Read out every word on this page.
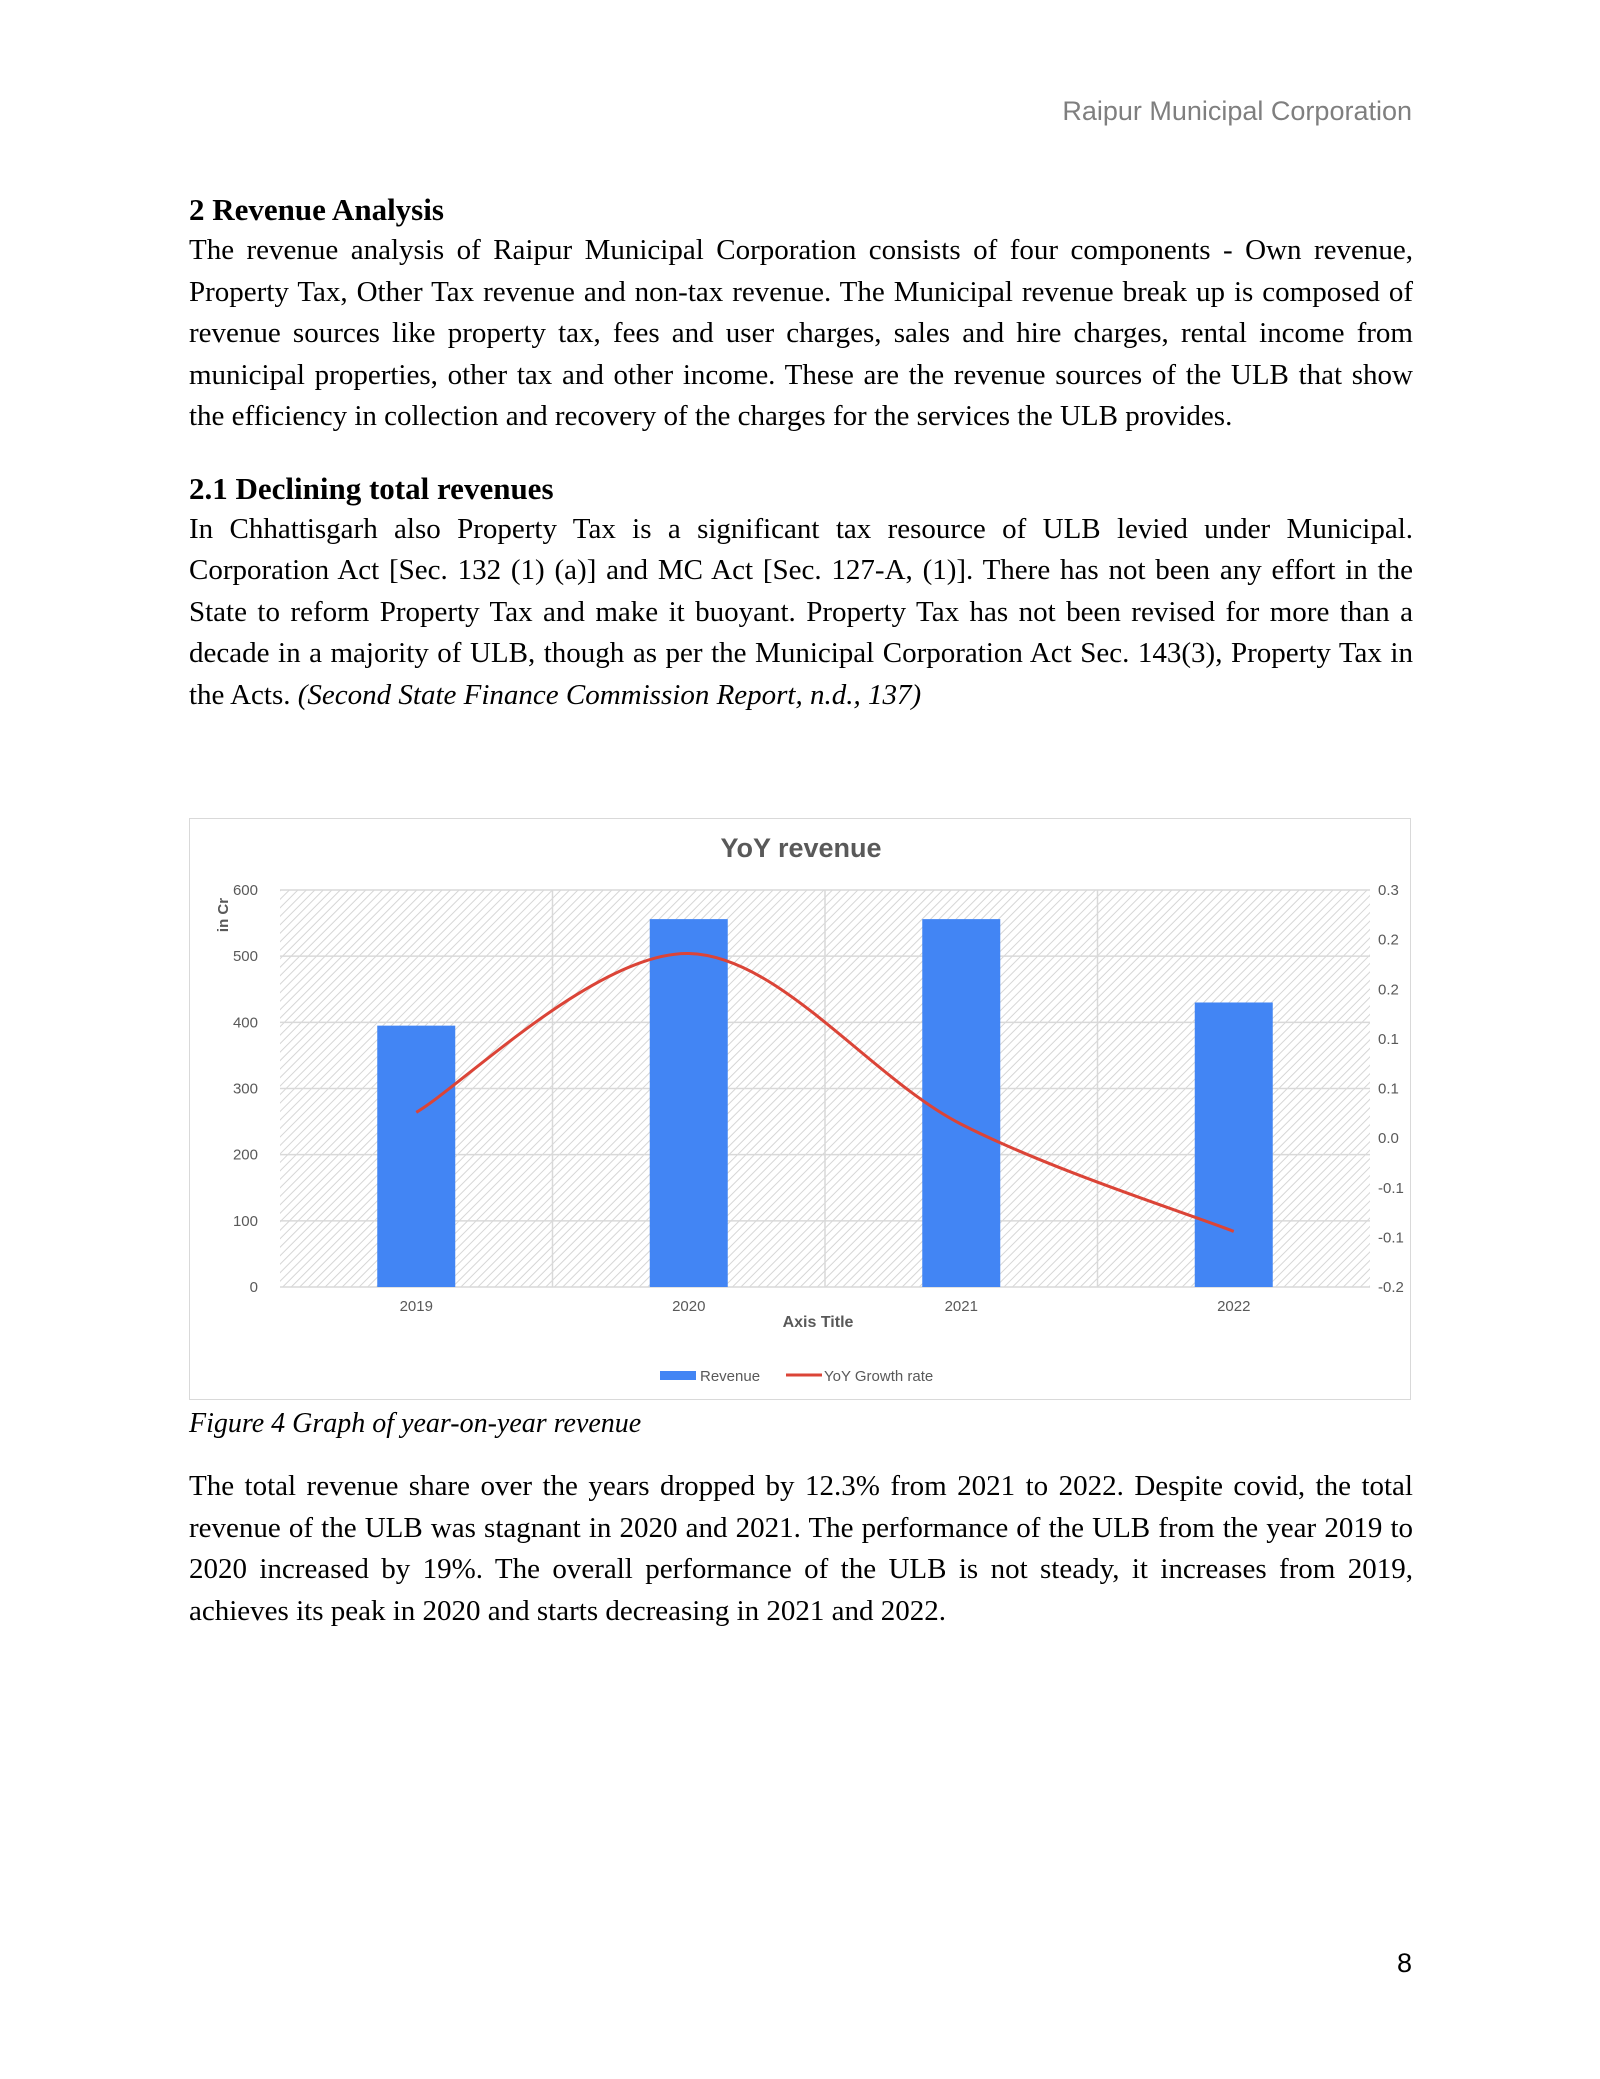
Raipur Municipal Corporation
2 Revenue Analysis

The revenue analysis of Raipur Municipal Corporation consists of four components - Own revenue, Property Tax, Other Tax revenue and non-tax revenue. The Municipal revenue break up is composed of revenue sources like property tax, fees and user charges, sales and hire charges, rental income from municipal properties, other tax and other income. These are the revenue sources of the ULB that show the efficiency in collection and recovery of the charges for the services the ULB provides.

2.1 Declining total revenues

In Chhattisgarh also Property Tax is a significant tax resource of ULB levied under Municipal. Corporation Act [Sec. 132 (1) (a)] and MC Act [Sec. 127-A, (1)]. There has not been any effort in the State to reform Property Tax and make it buoyant. Property Tax has not been revised for more than a decade in a majority of ULB, though as per the Municipal Corporation Act Sec. 143(3), Property Tax in the Acts. (Second State Finance Commission Report, n.d., 137)

0
100
200
300
400
500
600
-0.2
-0.1
-0.1
0.0
0.1
0.1
0.2
0.2
0.3
2019	2020	2021	2022
YoY revenue
in Cr
Axis Title
Revenue	YoY Growth rate
Figure 4 Graph of year-on-year revenue

The total revenue share over the years dropped by 12.3% from 2021 to 2022. Despite covid, the total revenue of the ULB was stagnant in 2020 and 2021. The performance of the ULB from the year 2019 to 2020 increased by 19%. The overall performance of the ULB is not steady, it increases from 2019, achieves its peak in 2020 and starts decreasing in 2021 and 2022.

8
